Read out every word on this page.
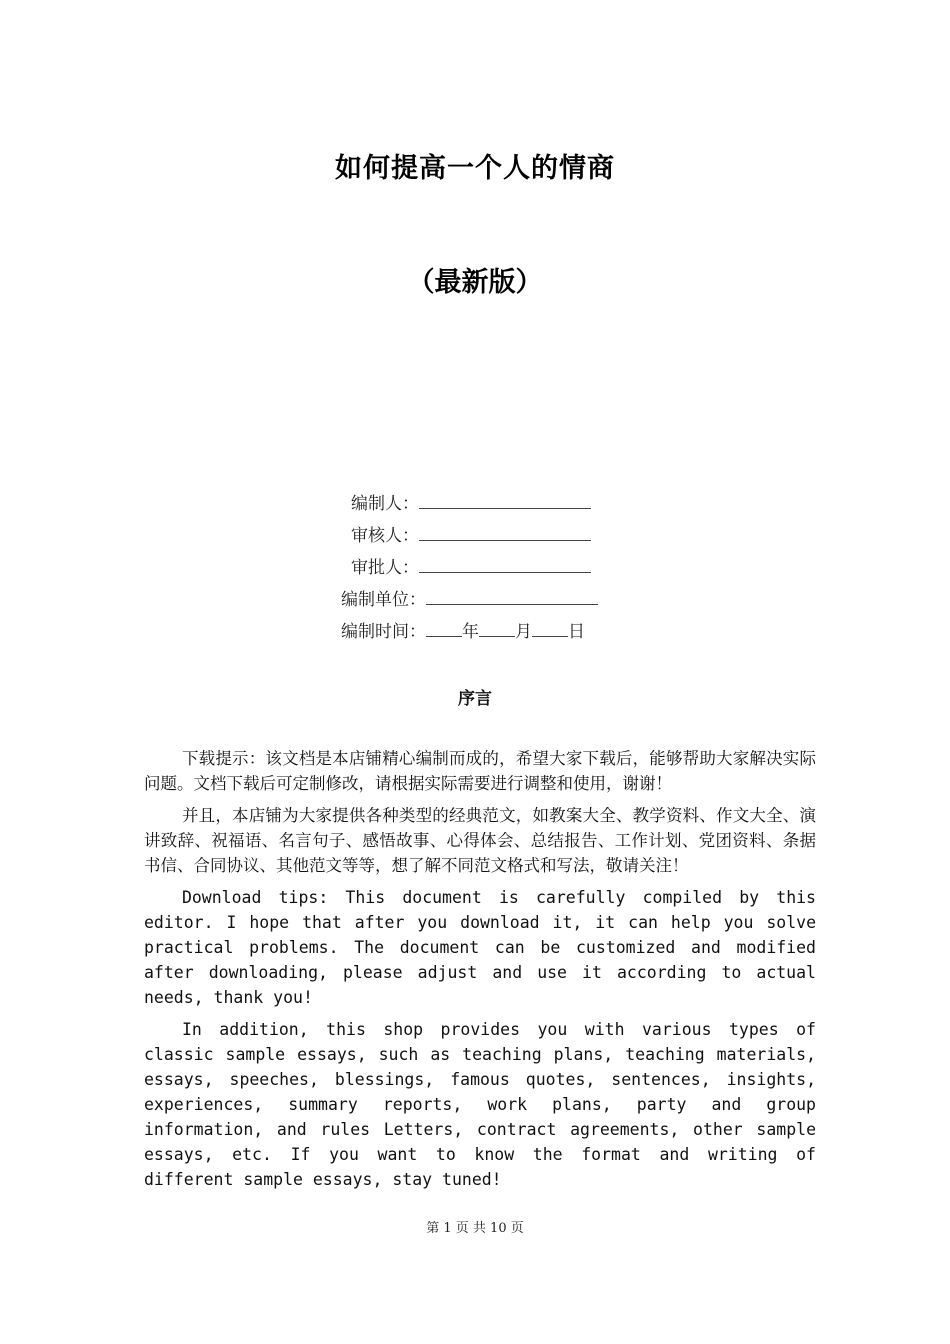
如何提高一个人的情商
（最新版）
编制人：
审核人：
审批人：
编制单位：
编制时间： 年 月 日
序言

下载提示：该文档是本店铺精心编制而成的，希望大家下载后，能够帮助大家解决实际问题。文档下载后可定制修改，请根据实际需要进行调整和使用，谢谢！

并且，本店铺为大家提供各种类型的经典范文，如教案大全、教学资料、作文大全、演讲致辞、祝福语、名言句子、感悟故事、心得体会、总结报告、工作计划、党团资料、条据书信、合同协议、其他范文等等，想了解不同范文格式和写法，敬请关注！

Download tips: This document is carefully compiled by this editor. I hope that after you download it, it can help you solve practical problems. The document can be customized and modified after downloading, please adjust and use it according to actual needs, thank you!

In addition, this shop provides you with various types of classic sample essays, such as teaching plans, teaching materials, essays, speeches, blessings, famous quotes, sentences, insights, experiences, summary reports, work plans, party and group information, and rules Letters, contract agreements, other sample essays, etc. If you want to know the format and writing of different sample essays, stay tuned!

第 1 页 共 10 页
